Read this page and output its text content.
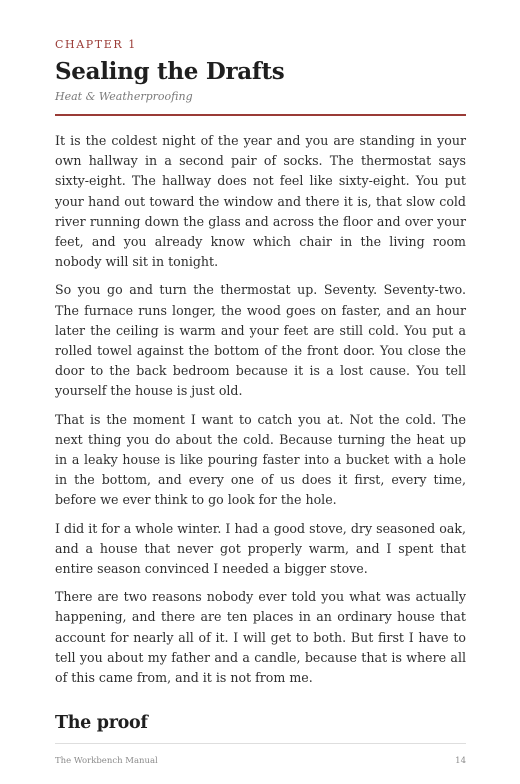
CHAPTER 1
Sealing the Drafts
Heat & Weatherproofing

It is the coldest night of the year and you are standing in your own hallway in a second pair of socks. The thermostat says sixty-eight. The hallway does not feel like sixty-eight. You put your hand out toward the window and there it is, that slow cold river running down the glass and across the floor and over your feet, and you already know which chair in the living room nobody will sit in tonight.

So you go and turn the thermostat up. Seventy. Seventy-two. The furnace runs longer, the wood goes on faster, and an hour later the ceiling is warm and your feet are still cold. You put a rolled towel against the bottom of the front door. You close the door to the back bedroom because it is a lost cause. You tell yourself the house is just old.

That is the moment I want to catch you at. Not the cold. The next thing you do about the cold. Because turning the heat up in a leaky house is like pouring faster into a bucket with a hole in the bottom, and every one of us does it first, every time, before we ever think to go look for the hole.

I did it for a whole winter. I had a good stove, dry seasoned oak, and a house that never got properly warm, and I spent that entire season convinced I needed a bigger stove.

There are two reasons nobody ever told you what was actually happening, and there are ten places in an ordinary house that account for nearly all of it. I will get to both. But first I have to tell you about my father and a candle, because that is where all of this came from, and it is not from me.

The proof
The Workbench Manual	14
